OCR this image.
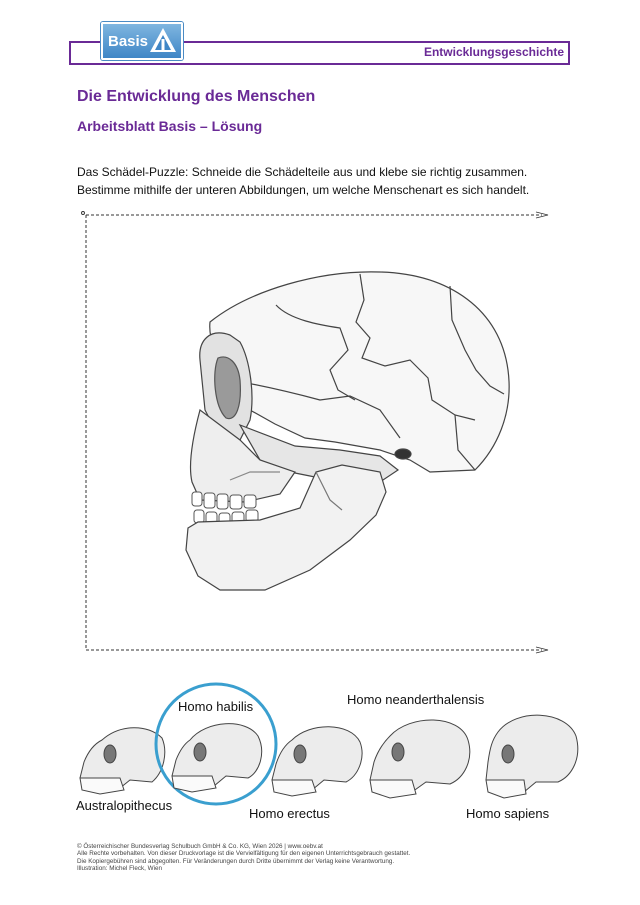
Basis
Entwicklungsgeschichte
Die Entwicklung des Menschen
Arbeitsblatt Basis – Lösung
Das Schädel-Puzzle: Schneide die Schädelteile aus und klebe sie richtig zusammen.
Bestimme mithilfe der unteren Abbildungen, um welche Menschenart es sich handelt.
Australopithecus
Homo habilis
Homo erectus
Homo neanderthalensis
Homo sapiens
© Österreichischer Bundesverlag Schulbuch GmbH & Co. KG, Wien 2026 | www.oebv.at
Alle Rechte vorbehalten. Von dieser Druckvorlage ist die Vervielfältigung für den eigenen Unterrichtsgebrauch gestattet.
Die Kopiergebühren sind abgegolten. Für Veränderungen durch Dritte übernimmt der Verlag keine Verantwortung.
Illustration: Michel Fleck, Wien
